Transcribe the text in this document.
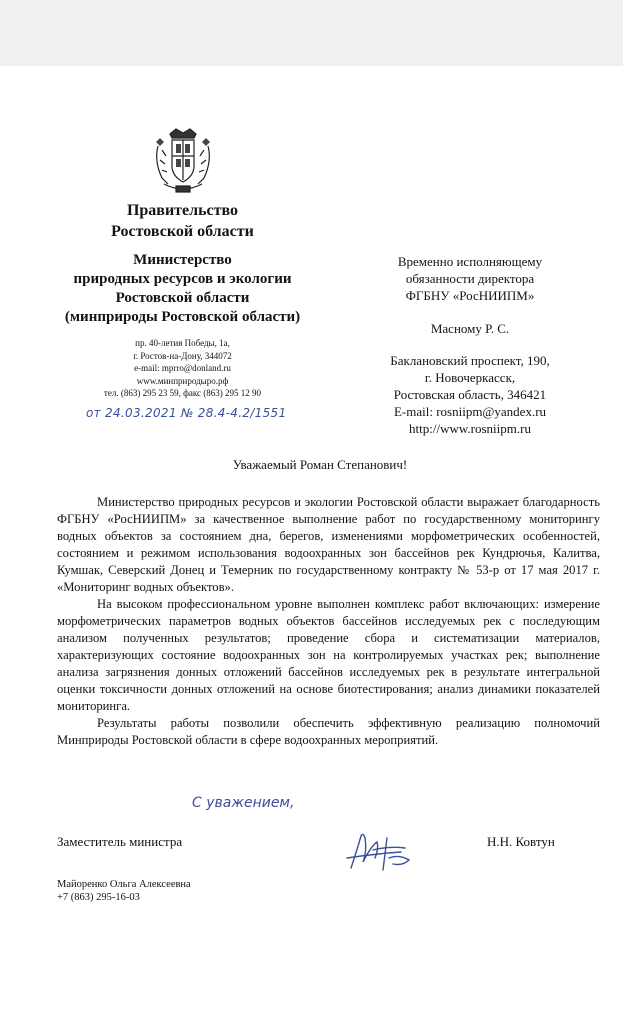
Правительство
Ростовской области
Министерство
природных ресурсов и экологии
Ростовской области
(минприроды Ростовской области)
пр. 40-летия Победы, 1а,
г. Ростов-на-Дону, 344072
e-mail: mprro@donland.ru
www.минприродыро.рф
тел. (863) 295 23 59, факс (863) 295 12 90
от 24.03.2021 № 28.4-4.2/1551
Временно исполняющему
обязанности директора
ФГБНУ «РосНИИПМ»
Масному Р. С.
Баклановский проспект, 190,
г. Новочеркасск,
Ростовская область, 346421
E-mail: rosniipm@yandex.ru
http://www.rosniipm.ru
Уважаемый Роман Степанович!

Министерство природных ресурсов и экологии Ростовской области выражает благодарность ФГБНУ «РосНИИПМ» за качественное выполнение работ по государственному мониторингу водных объектов за состоянием дна, берегов, изменениями морфометрических особенностей, состоянием и режимом использования водоохранных зон бассейнов рек Кундрючья, Калитва, Кумшак, Северский Донец и Темерник по государственному контракту № 53-р от 17 мая 2017 г. «Мониторинг водных объектов».

На высоком профессиональном уровне выполнен комплекс работ включающих: измерение морфометрических параметров водных объектов бассейнов исследуемых рек с последующим анализом полученных результатов; проведение сбора и систематизации материалов, характеризующих состояние водоохранных зон на контролируемых участках рек; выполнение анализа загрязнения донных отложений бассейнов исследуемых рек в результате интегральной оценки токсичности донных отложений на основе биотестирования; анализ динамики показателей мониторинга.

Результаты работы позволили обеспечить эффективную реализацию полномочий Минприроды Ростовской области в сфере водоохранных мероприятий.

С уважением,
Заместитель министра	Н.Н. Ковтун
Майоренко Ольга Алексеевна
+7 (863) 295-16-03
